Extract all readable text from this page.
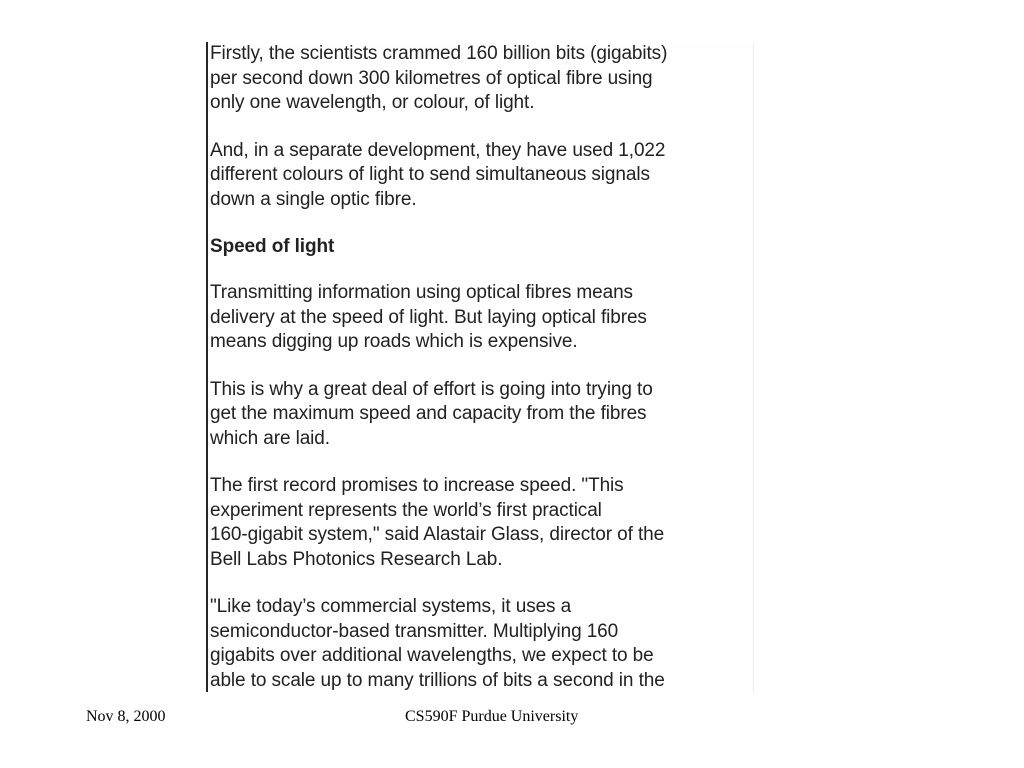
Firstly, the scientists crammed 160 billion bits (gigabits)
per second down 300 kilometres of optical fibre using
only one wavelength, or colour, of light.
And, in a separate development, they have used 1,022
different colours of light to send simultaneous signals
down a single optic fibre.
Speed of light
Transmitting information using optical fibres means
delivery at the speed of light. But laying optical fibres
means digging up roads which is expensive.
This is why a great deal of effort is going into trying to
get the maximum speed and capacity from the fibres
which are laid.
The first record promises to increase speed. "This
experiment represents the world’s first practical
160-gigabit system," said Alastair Glass, director of the
Bell Labs Photonics Research Lab.
"Like today’s commercial systems, it uses a
semiconductor-based transmitter. Multiplying 160
gigabits over additional wavelengths, we expect to be
able to scale up to many trillions of bits a second in the
Nov 8, 2000	CS590F Purdue University
